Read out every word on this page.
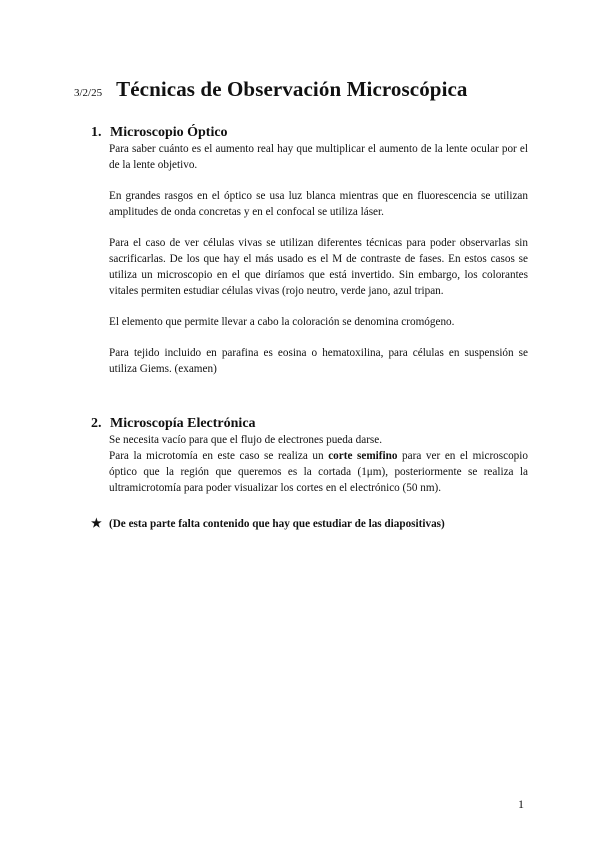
3/2/25 Técnicas de Observación Microscópica
1. Microscopio Óptico

Para saber cuánto es el aumento real hay que multiplicar el aumento de la lente ocular por el de la lente objetivo.

En grandes rasgos en el óptico se usa luz blanca mientras que en fluorescencia se utilizan amplitudes de onda concretas y en el confocal se utiliza láser.

Para el caso de ver células vivas se utilizan diferentes técnicas para poder observarlas sin sacrificarlas. De los que hay el más usado es el M de contraste de fases. En estos casos se utiliza un microscopio en el que diríamos que está invertido. Sin embargo, los colorantes vitales permiten estudiar células vivas (rojo neutro, verde jano, azul tripan.

El elemento que permite llevar a cabo la coloración se denomina cromógeno.

Para tejido incluido en parafina es eosina o hematoxilina, para células en suspensión se utiliza Giems. (examen)

2. Microscopía Electrónica

Se necesita vacío para que el flujo de electrones pueda darse.

Para la microtomía en este caso se realiza un corte semifino para ver en el microscopio óptico que la región que queremos es la cortada (1μm), posteriormente se realiza la ultramicrotomía para poder visualizar los cortes en el electrónico (50 nm).

★ (De esta parte falta contenido que hay que estudiar de las diapositivas)
1
